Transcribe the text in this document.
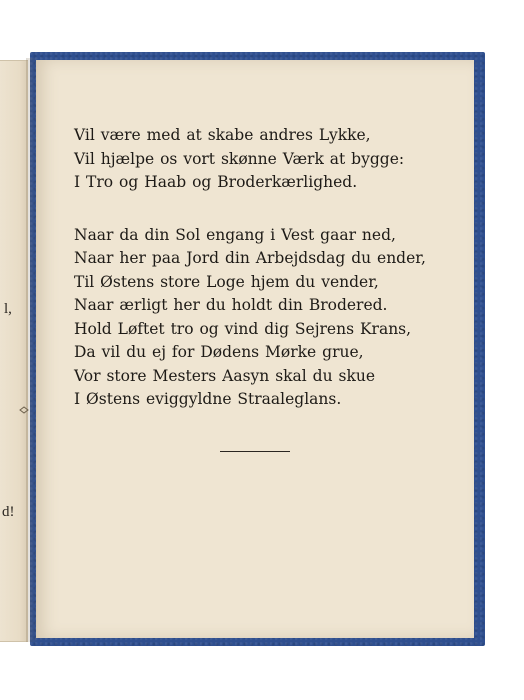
l,
d!
Vil være med at skabe andres Lykke,
Vil hjælpe os vort skønne Værk at bygge:
I Tro og Haab og Broderkærlighed.
Naar da din Sol engang i Vest gaar ned,
Naar her paa Jord din Arbejdsdag du ender,
Til Østens store Loge hjem du vender,
Naar ærligt her du holdt din Brodered.
Hold Løftet tro og vind dig Sejrens Krans,
Da vil du ej for Dødens Mørke grue,
Vor store Mesters Aasyn skal du skue
I Østens eviggyldne Straaleglans.
